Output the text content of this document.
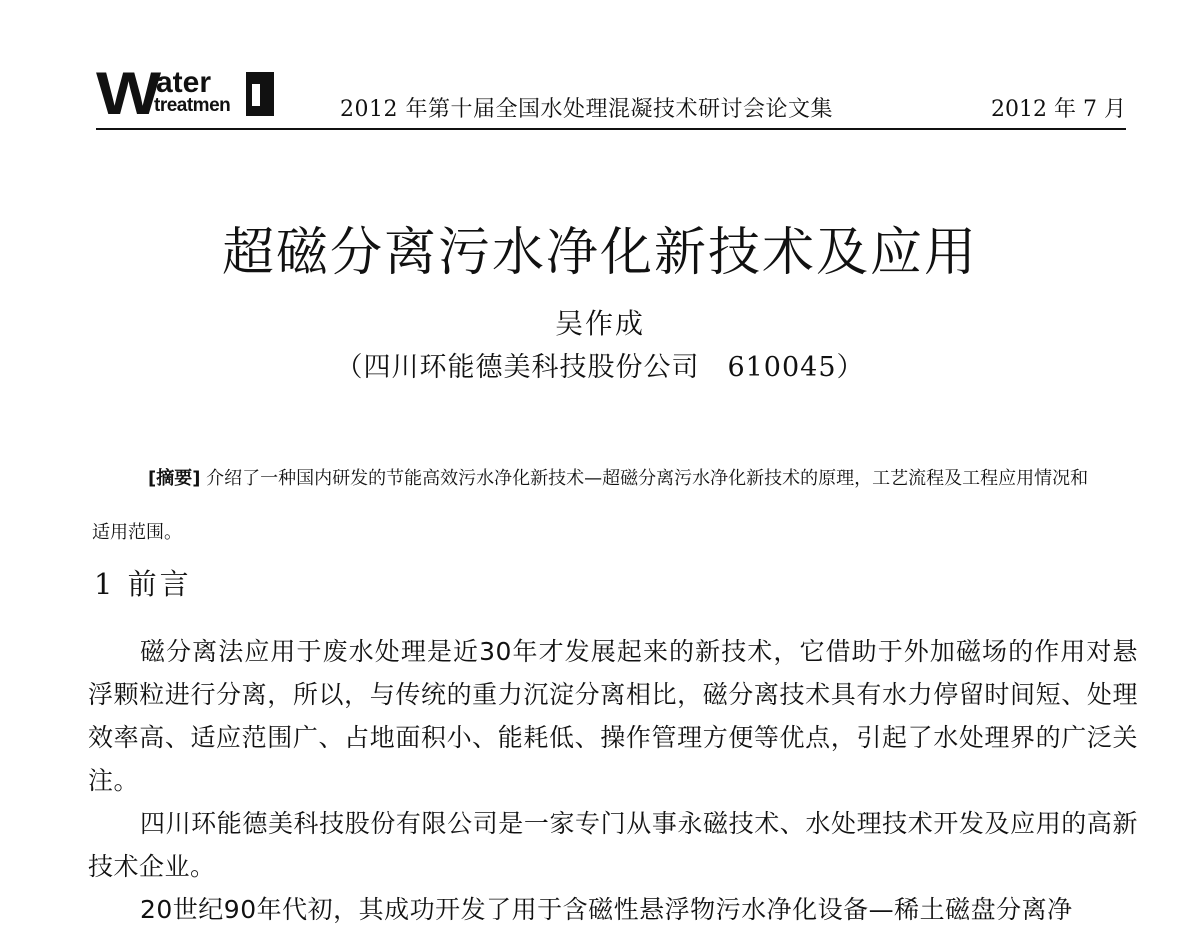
W ater
treatmen	2012 年第十届全国水处理混凝技术研讨会论文集	2012 年 7 月
超磁分离污水净化新技术及应用
吴作成
（四川环能德美科技股份公司　610045）
[摘要] 介绍了一种国内研发的节能高效污水净化新技术—超磁分离污水净化新技术的原理，工艺流程及工程应用情况和适用范围。
1 前言

磁分离法应用于废水处理是近30年才发展起来的新技术，它借助于外加磁场的作用对悬浮颗粒进行分离，所以，与传统的重力沉淀分离相比，磁分离技术具有水力停留时间短、处理效率高、适应范围广、占地面积小、能耗低、操作管理方便等优点，引起了水处理界的广泛关注。

四川环能德美科技股份有限公司是一家专门从事永磁技术、水处理技术开发及应用的高新技术企业。

20世纪90年代初，其成功开发了用于含磁性悬浮物污水净化设备—稀土磁盘分离净
